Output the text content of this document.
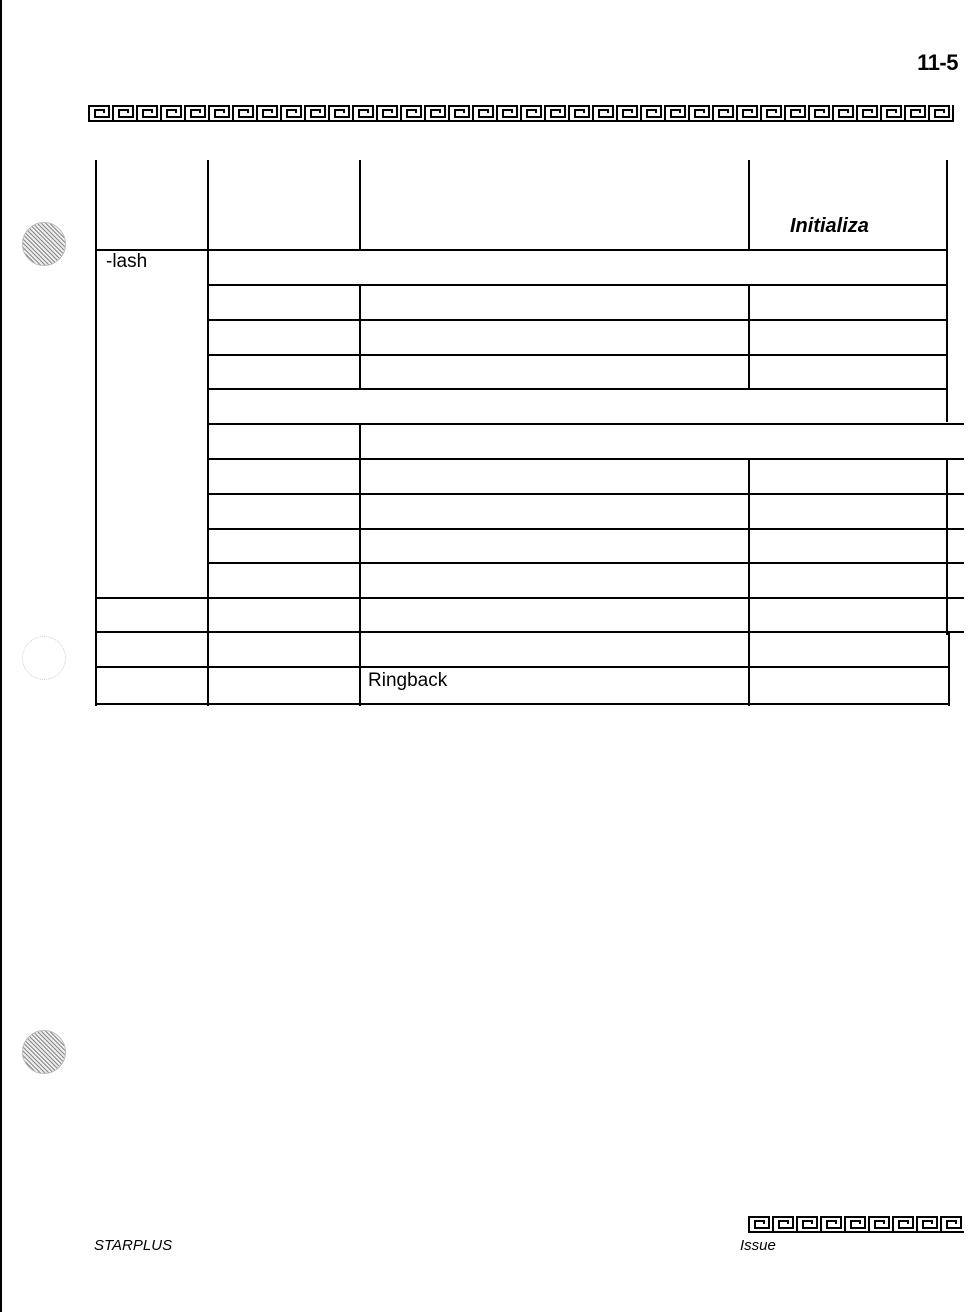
11-5
Initializa
-lash
Ringback
STARPLUS	Issue
